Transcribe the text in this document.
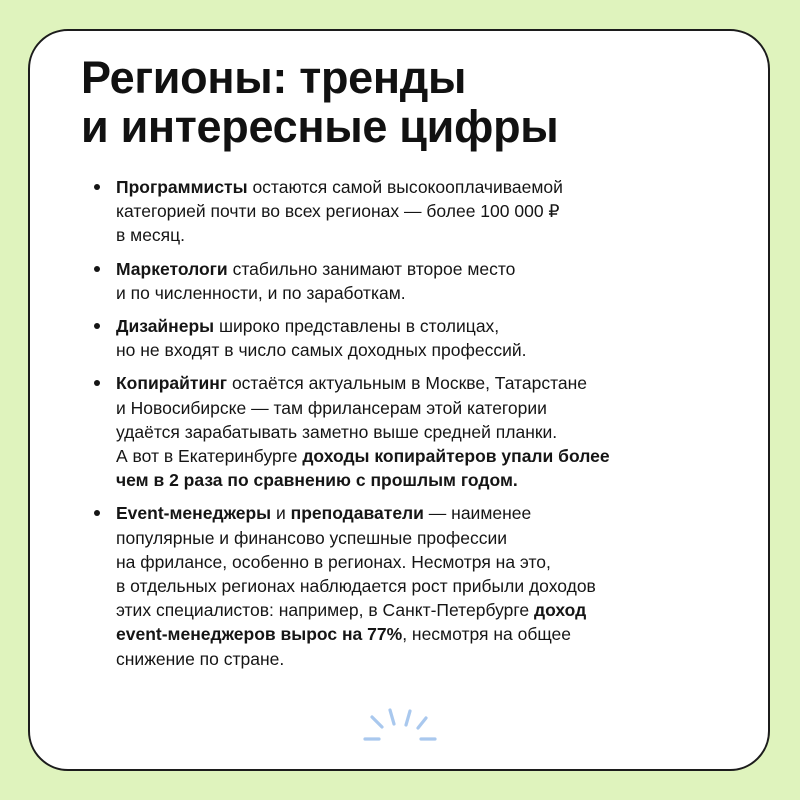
Регионы: тренды
и интересные цифры
Программисты остаются самой высокооплачиваемой
категорией почти во всех регионах — более 100 000 ₽
в месяц.
Маркетологи стабильно занимают второе место
и по численности, и по заработкам.
Дизайнеры широко представлены в столицах,
но не входят в число самых доходных профессий.
Копирайтинг остаётся актуальным в Москве, Татарстане
и Новосибирске — там фрилансерам этой категории
удаётся зарабатывать заметно выше средней планки.
А вот в Екатеринбурге доходы копирайтеров упали более
чем в 2 раза по сравнению с прошлым годом.
Event-менеджеры и преподаватели — наименее
популярные и финансово успешные профессии
на фрилансе, особенно в регионах. Несмотря на это,
в отдельных регионах наблюдается рост прибыли доходов
этих специалистов: например, в Санкт-Петербурге доход
event-менеджеров вырос на 77%, несмотря на общее
снижение по стране.
